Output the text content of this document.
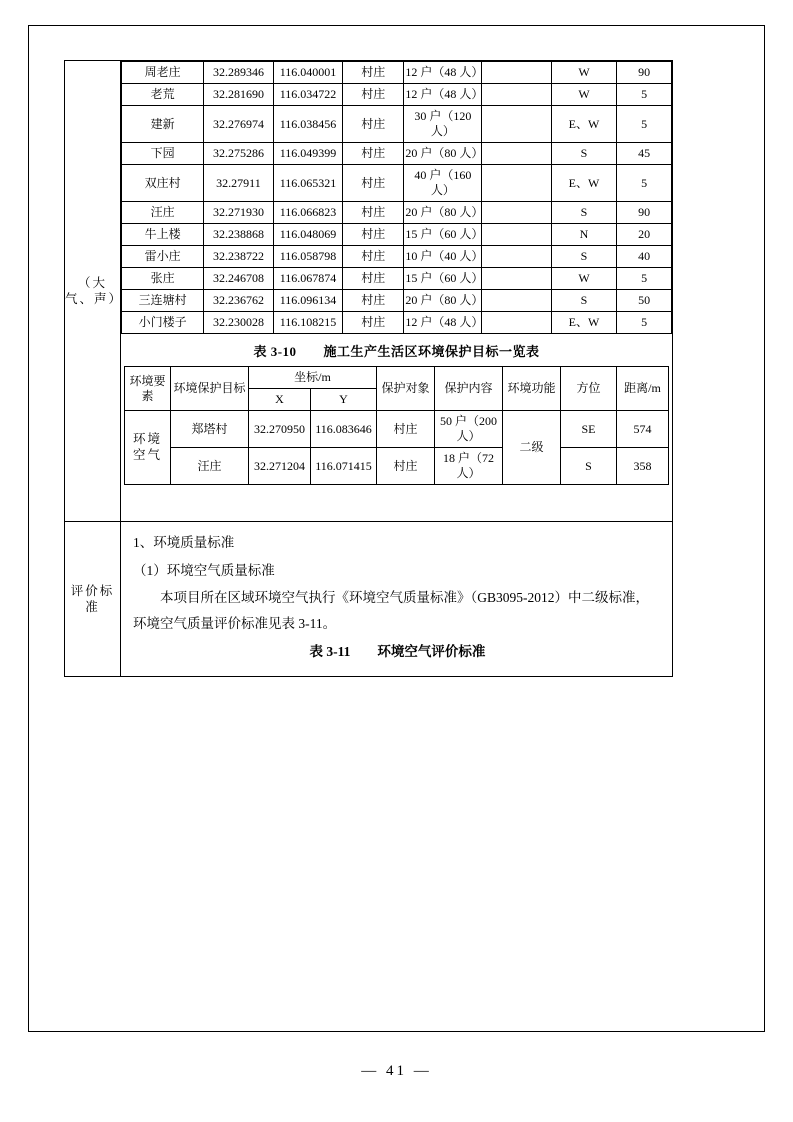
（大气、声）

周老庄	32.289346	116.040001	村庄	12 户（48 人）		W	90
老荒	32.281690	116.034722	村庄	12 户（48 人）		W	5
建新	32.276974	116.038456	村庄	30 户（120 人）		E、W	5
下园	32.275286	116.049399	村庄	20 户（80 人）		S	45
双庄村	32.27911	116.065321	村庄	40 户（160 人）		E、W	5
汪庄	32.271930	116.066823	村庄	20 户（80 人）		S	90
牛上楼	32.238868	116.048069	村庄	15 户（60 人）		N	20
雷小庄	32.238722	116.058798	村庄	10 户（40 人）		S	40
张庄	32.246708	116.067874	村庄	15 户（60 人）		W	5
三连塘村	32.236762	116.096134	村庄	20 户（80 人）		S	50
小门楼子	32.230028	116.108215	村庄	12 户（48 人）		E、W	5
表 3-10　　施工生产生活区环境保护目标一览表
环境要素	环境保护目标	坐标/m	保护对象	保护内容	环境功能	方位	距离/m
X	Y
环境空气	郑塔村	32.270950	116.083646	村庄	50 户（200 人）	二级	SE	574
汪庄	32.271204	116.071415	村庄	18 户（72 人）	S	358

评价标准

1、环境质量标准

（1）环境空气质量标准

本项目所在区域环境空气执行《环境空气质量标准》（GB3095-2012）中二级标准，环境空气质量评价标准见表 3-11。

表 3-11　　环境空气评价标准

— 41 —
